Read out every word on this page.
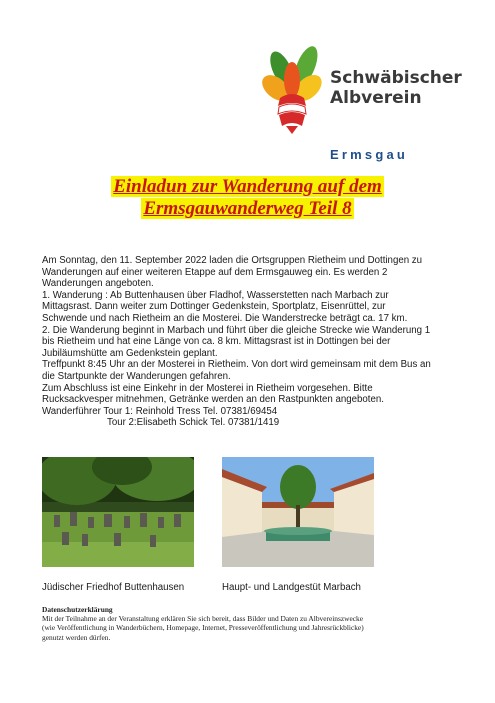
Schwäbischer
Albverein
Ermsgau
Einladun zur Wanderung auf dem
Ermsgauwanderweg Teil 8

Am Sonntag, den 11. September 2022 laden die Ortsgruppen Rietheim und Dottingen zu

Wanderungen auf einer weiteren Etappe auf dem Ermsgauweg ein. Es werden 2

Wanderungen angeboten.

1. Wanderung : Ab Buttenhausen über Fladhof, Wasserstetten nach Marbach zur

Mittagsrast. Dann weiter zum Dottinger Gedenkstein, Sportplatz, Eisenrüttel, zur

Schwende und nach Rietheim an die Mosterei. Die Wanderstrecke beträgt ca. 17 km.

2. Die Wanderung beginnt in Marbach und führt über die gleiche Strecke wie Wanderung 1

bis Rietheim und hat eine Länge von ca. 8 km. Mittagsrast ist in Dottingen bei der

Jubiläumshütte am Gedenkstein geplant.

Treffpunkt 8:45 Uhr an der Mosterei in Rietheim. Von dort wird gemeinsam mit dem Bus an

die Startpunkte der Wanderungen gefahren.

Zum Abschluss ist eine Einkehr in der Mosterei in Rietheim vorgesehen. Bitte

Rucksackvesper mitnehmen, Getränke werden an den Rastpunkten angeboten.

Wanderführer Tour 1: Reinhold Tress Tel. 07381/69454

Tour 2:Elisabeth Schick Tel. 07381/1419

Jüdischer Friedhof Buttenhausen	Haupt- und Landgestüt Marbach
Datenschutzerklärung
Mit der Teilnahme an der Veranstaltung erklären Sie sich bereit, dass Bilder und Daten zu Albvereinszwecke
(wie Veröffentlichung in Wanderbüchern, Homepage, Internet, Presseveröffentlichung und Jahresrückblicke)
genutzt werden dürfen.
